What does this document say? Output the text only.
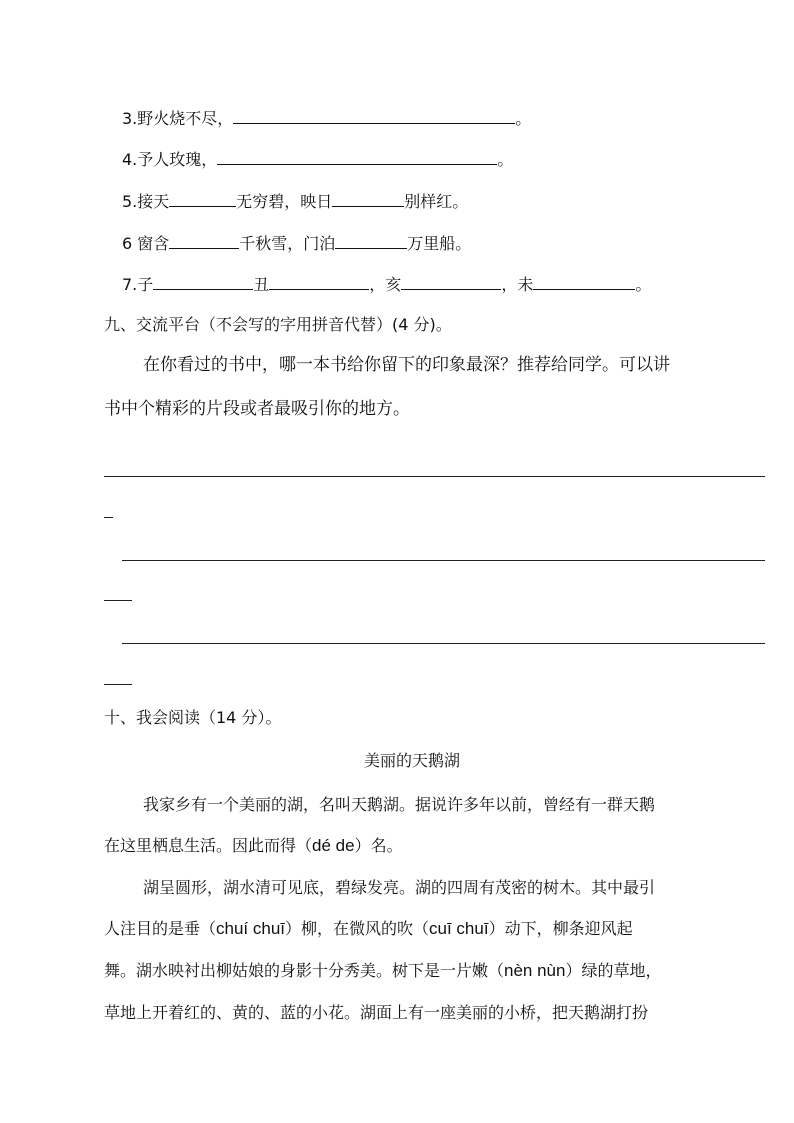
3.野火烧不尽，	。
4.予人玫瑰，	。
5.接天	无穷碧，映日	别样红。
6 窗含	千秋雪，门泊	万里船。
7.子	丑	，亥	，未	。
九、交流平台（不会写的字用拼音代替）(4 分)。
在你看过的书中，哪一本书给你留下的印象最深？推荐给同学。可以讲
书中个精彩的片段或者最吸引你的地方。
十、我会阅读（14 分）。
美丽的天鹅湖
我家乡有一个美丽的湖，名叫天鹅湖。据说许多年以前，曾经有一群天鹅
在这里栖息生活。因此而得（dé de）名。
湖呈圆形，湖水清可见底，碧绿发亮。湖的四周有茂密的树木。其中最引
人注目的是垂（chuí chuī）柳，在微风的吹（cuī chuī）动下，柳条迎风起
舞。湖水映衬出柳姑娘的身影十分秀美。树下是一片嫩（nèn nùn）绿的草地，
草地上开着红的、黄的、蓝的小花。湖面上有一座美丽的小桥，把天鹅湖打扮
